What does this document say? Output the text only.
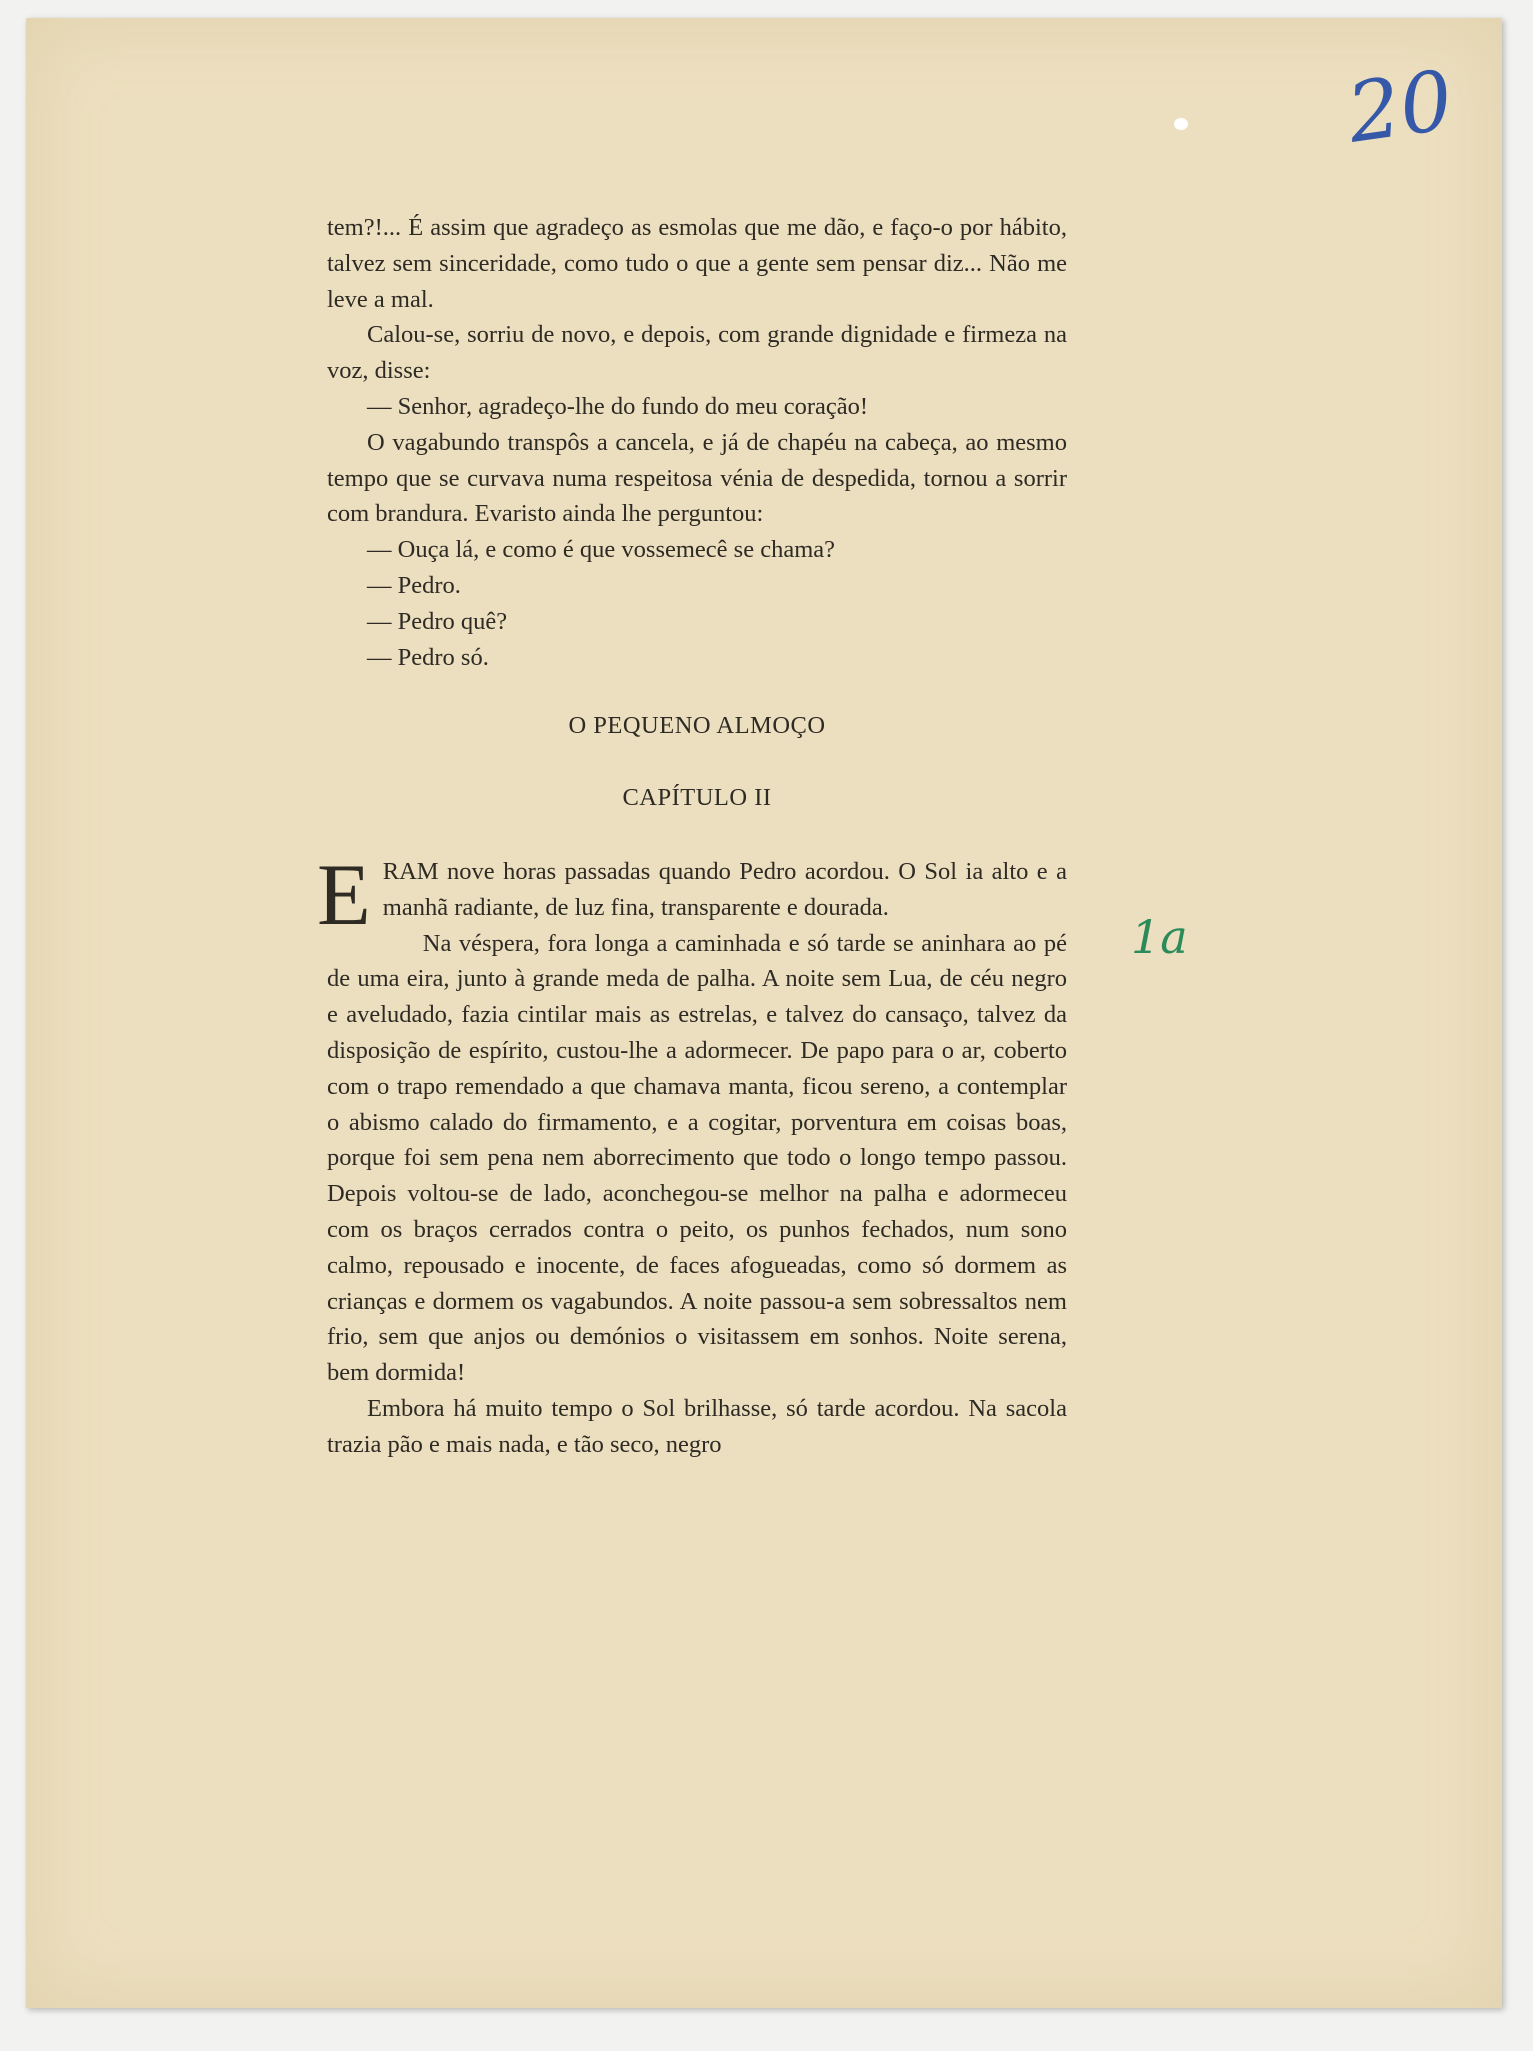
20
1a

tem?!... É assim que agradeço as esmolas que me dão, e faço-o por hábito, talvez sem sinceridade, como tudo o que a gente sem pensar diz... Não me leve a mal.

Calou-se, sorriu de novo, e depois, com grande dignidade e firmeza na voz, disse:

— Senhor, agradeço-lhe do fundo do meu coração!

O vagabundo transpôs a cancela, e já de chapéu na cabeça, ao mesmo tempo que se curvava numa respeitosa vénia de despedida, tornou a sorrir com brandura. Evaristo ainda lhe perguntou:

— Ouça lá, e como é que vossemecê se chama?

— Pedro.

— Pedro quê?

— Pedro só.

O PEQUENO ALMOÇO

CAPÍTULO II

ERAM nove horas passadas quando Pedro acordou. O Sol ia alto e a manhã radiante, de luz fina, transparente e dourada.

Na véspera, fora longa a caminhada e só tarde se aninhara ao pé de uma eira, junto à grande meda de palha. A noite sem Lua, de céu negro e aveludado, fazia cintilar mais as estrelas, e talvez do cansaço, talvez da disposição de espírito, custou-lhe a adormecer. De papo para o ar, coberto com o trapo remendado a que chamava manta, ficou sereno, a contemplar o abismo calado do firmamento, e a cogitar, porventura em coisas boas, porque foi sem pena nem aborrecimento que todo o longo tempo passou. Depois voltou-se de lado, aconchegou-se melhor na palha e adormeceu com os braços cerrados contra o peito, os punhos fechados, num sono calmo, repousado e inocente, de faces afogueadas, como só dormem as crianças e dormem os vagabundos. A noite passou-a sem sobressaltos nem frio, sem que anjos ou demónios o visitassem em sonhos. Noite serena, bem dormida!

Embora há muito tempo o Sol brilhasse, só tarde acordou. Na sacola trazia pão e mais nada, e tão seco, negro
